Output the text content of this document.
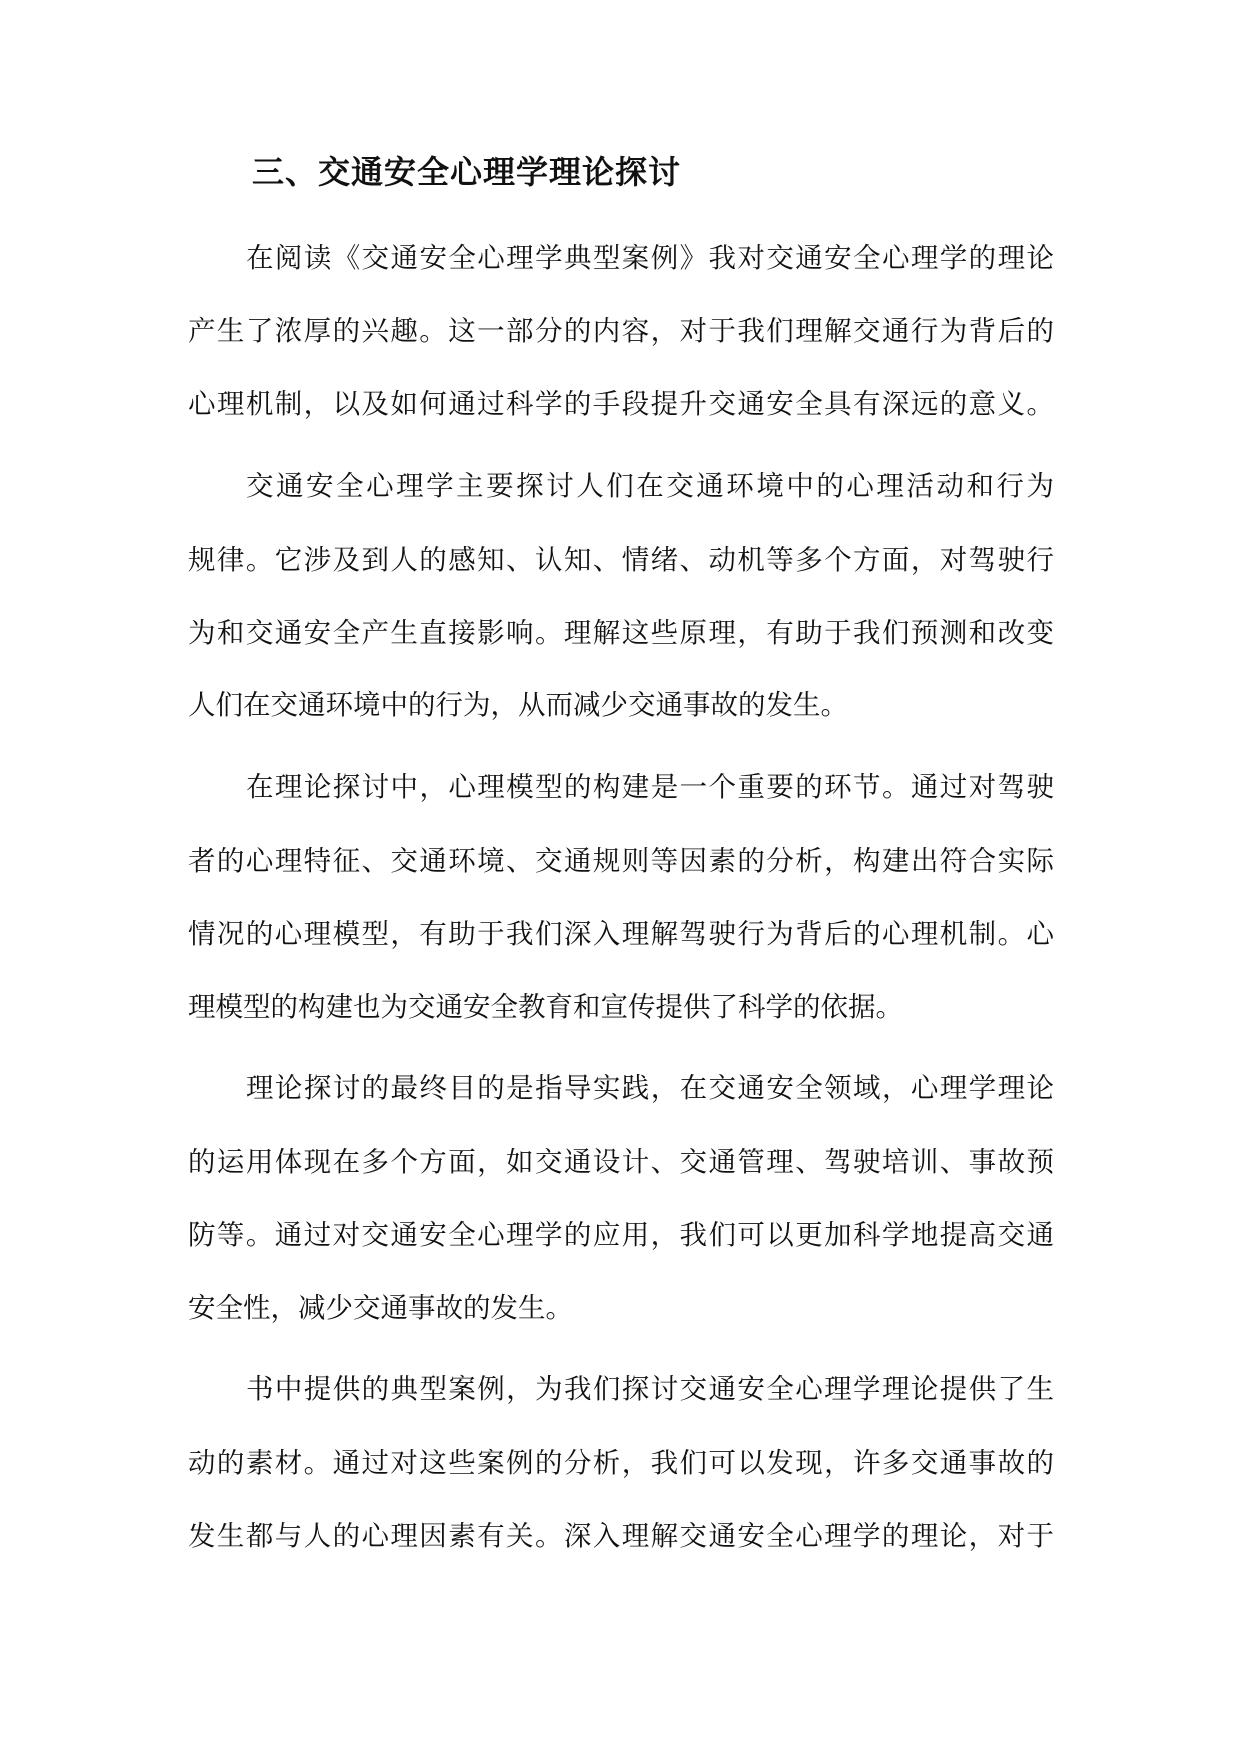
三、交通安全心理学理论探讨

在阅读《交通安全心理学典型案例》我对交通安全心理学的理论

产生了浓厚的兴趣。这一部分的内容，对于我们理解交通行为背后的

心理机制，以及如何通过科学的手段提升交通安全具有深远的意义。

交通安全心理学主要探讨人们在交通环境中的心理活动和行为

规律。它涉及到人的感知、认知、情绪、动机等多个方面，对驾驶行

为和交通安全产生直接影响。理解这些原理，有助于我们预测和改变

人们在交通环境中的行为，从而减少交通事故的发生。

在理论探讨中，心理模型的构建是一个重要的环节。通过对驾驶

者的心理特征、交通环境、交通规则等因素的分析，构建出符合实际

情况的心理模型，有助于我们深入理解驾驶行为背后的心理机制。心

理模型的构建也为交通安全教育和宣传提供了科学的依据。

理论探讨的最终目的是指导实践，在交通安全领域，心理学理论

的运用体现在多个方面，如交通设计、交通管理、驾驶培训、事故预

防等。通过对交通安全心理学的应用，我们可以更加科学地提高交通

安全性，减少交通事故的发生。

书中提供的典型案例，为我们探讨交通安全心理学理论提供了生

动的素材。通过对这些案例的分析，我们可以发现，许多交通事故的

发生都与人的心理因素有关。深入理解交通安全心理学的理论，对于
